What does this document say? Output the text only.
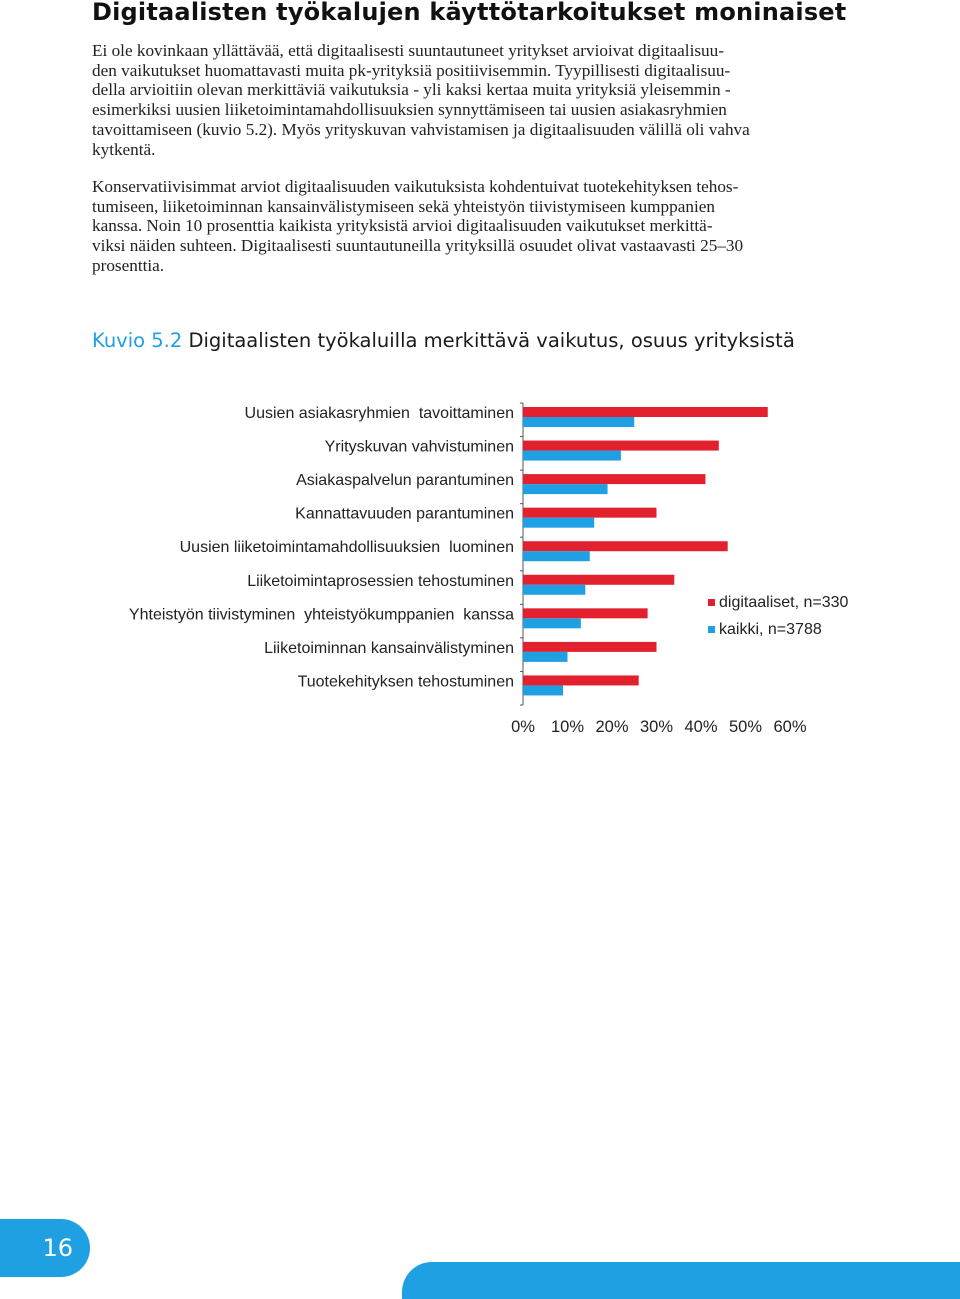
Digitaalisten työkalujen käyttötarkoitukset moninaiset
Ei ole kovinkaan yllättävää, että digitaalisesti suuntautuneet yritykset arvioivat digitaalisuu-
den vaikutukset huomattavasti muita pk-yrityksiä positiivisemmin. Tyypillisesti digitaalisuu-
della arvioitiin olevan merkittäviä vaikutuksia - yli kaksi kertaa muita yrityksiä yleisemmin -
esimerkiksi uusien liiketoimintamahdollisuuksien synnyttämiseen tai uusien asiakasryhmien
tavoittamiseen (kuvio 5.2). Myös yrityskuvan vahvistamisen ja digitaalisuuden välillä oli vahva
kytkentä.
Konservatiivisimmat arviot digitaalisuuden vaikutuksista kohdentuivat tuotekehityksen tehos-
tumiseen, liiketoiminnan kansainvälistymiseen sekä yhteistyön tiivistymiseen kumppanien
kanssa. Noin 10 prosenttia kaikista yrityksistä arvioi digitaalisuuden vaikutukset merkittä-
viksi näiden suhteen. Digitaalisesti suuntautuneilla yrityksillä osuudet olivat vastaavasti 25–30
prosenttia.
Kuvio 5.2 Digitaalisten työkaluilla merkittävä vaikutus, osuus yrityksistä
Uusien asiakasryhmien  tavoittaminen
Yrityskuvan vahvistuminen
Asiakaspalvelun parantuminen
Kannattavuuden parantuminen
Uusien liiketoimintamahdollisuuksien  luominen
Liiketoimintaprosessien tehostuminen
Yhteistyön tiivistyminen  yhteistyökumppanien  kanssa
Liiketoiminnan kansainvälistyminen
Tuotekehityksen tehostuminen
0% 10% 20% 30% 40% 50% 60%
digitaaliset, n=330
kaikki, n=3788
16
